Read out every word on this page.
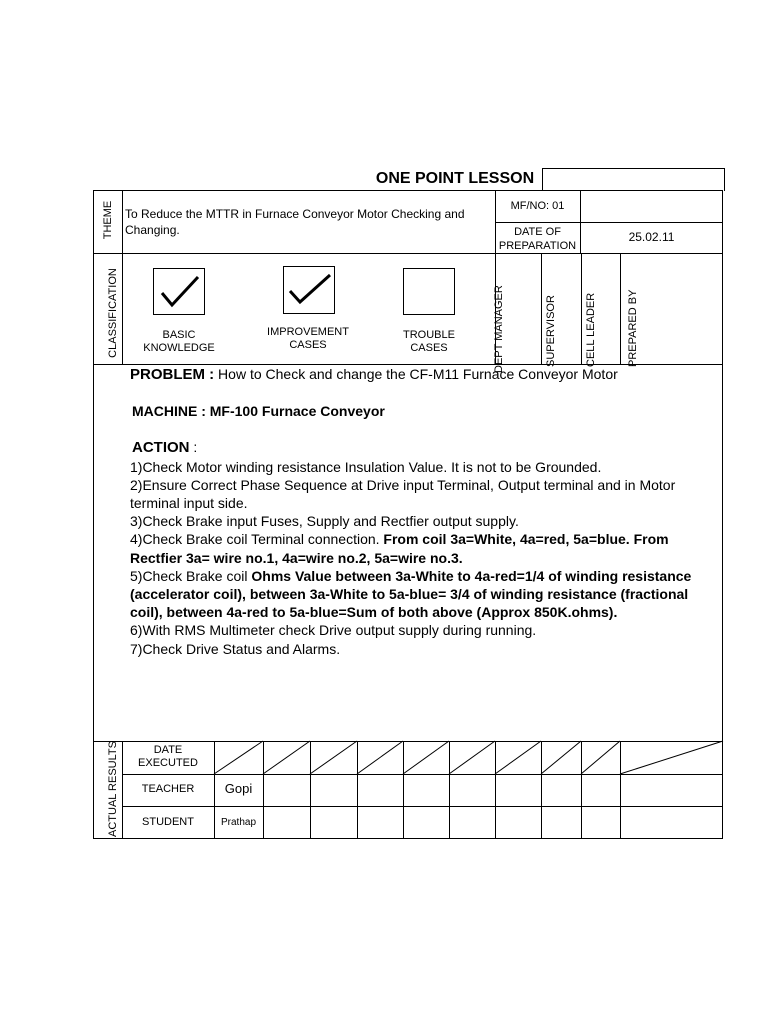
ONE POINT LESSON
THEME To Reduce the MTTR in Furnace Conveyor Motor Checking and Changing.
MF/NO: 01
DATE OF PREPARATION
25.02.11
CLASSIFICATION	BASIC KNOWLEDGE
IMPROVEMENT CASES
TROUBLE CASES	DEPT MANAGER	SUPERVISOR	CELL LEADER	PREPARED BY

PROBLEM : How to Check and change the CF-M11 Furnace Conveyor Motor

MACHINE : MF-100 Furnace Conveyor

ACTION :

1)Check Motor winding resistance Insulation Value. It is not to be Grounded.

2)Ensure Correct Phase Sequence at Drive input Terminal, Output terminal and in Motor terminal input side.

3)Check Brake input Fuses, Supply and Rectfier output supply.

4)Check Brake coil Terminal connection. From coil 3a=White, 4a=red, 5a=blue. From Rectfier 3a= wire no.1, 4a=wire no.2, 5a=wire no.3.

5)Check Brake coil Ohms Value between 3a-White to 4a-red=1/4 of winding resistance (accelerator coil), between 3a-White to 5a-blue= 3/4 of winding resistance (fractional coil), between 4a-red to 5a-blue=Sum of both above (Approx 850K.ohms).

6)With RMS Multimeter check Drive output supply during running.

7)Check Drive Status and Alarms.

ACTUAL RESULTS	DATE EXECUTED
TEACHER	Gopi
STUDENT	Prathap
